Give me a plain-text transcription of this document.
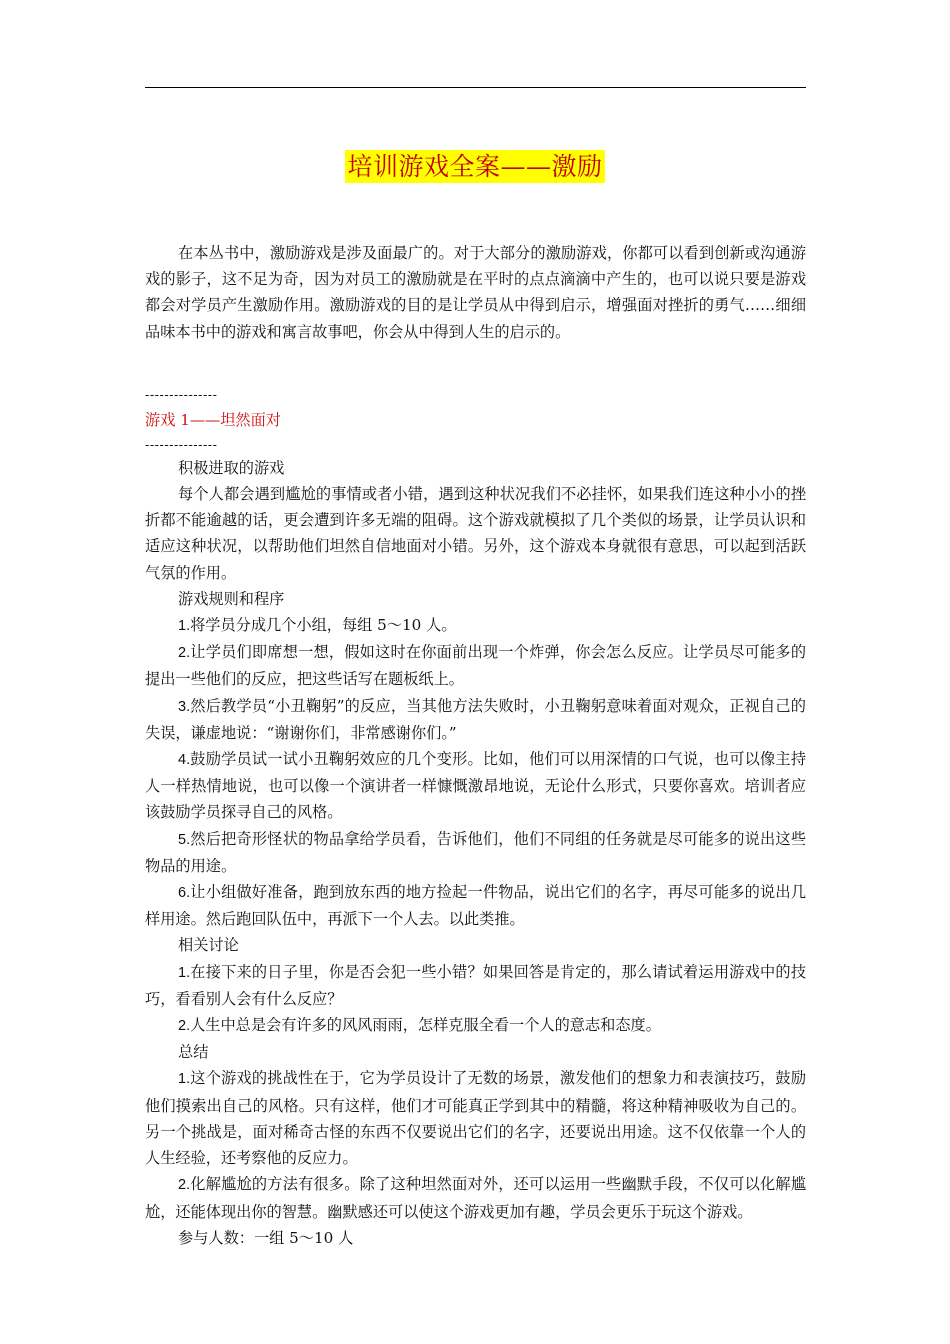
培训游戏全案——激励

在本丛书中，激励游戏是涉及面最广的。对于大部分的激励游戏，你都可以看到创新或沟通游戏的影子，这不足为奇，因为对员工的激励就是在平时的点点滴滴中产生的，也可以说只要是游戏都会对学员产生激励作用。激励游戏的目的是让学员从中得到启示，增强面对挫折的勇气……细细品味本书中的游戏和寓言故事吧，你会从中得到人生的启示的。

---------------

游戏 1——坦然面对

---------------

积极进取的游戏

每个人都会遇到尴尬的事情或者小错，遇到这种状况我们不必挂怀，如果我们连这种小小的挫折都不能逾越的话，更会遭到许多无端的阻碍。这个游戏就模拟了几个类似的场景，让学员认识和适应这种状况，以帮助他们坦然自信地面对小错。另外，这个游戏本身就很有意思，可以起到活跃气氛的作用。

游戏规则和程序

1.将学员分成几个小组，每组 5～10 人。

2.让学员们即席想一想，假如这时在你面前出现一个炸弹，你会怎么反应。让学员尽可能多的提出一些他们的反应，把这些话写在题板纸上。

3.然后教学员“小丑鞠躬”的反应，当其他方法失败时，小丑鞠躬意味着面对观众，正视自己的失误，谦虚地说：“谢谢你们，非常感谢你们。”

4.鼓励学员试一试小丑鞠躬效应的几个变形。比如，他们可以用深情的口气说，也可以像主持人一样热情地说，也可以像一个演讲者一样慷慨激昂地说，无论什么形式，只要你喜欢。培训者应该鼓励学员探寻自己的风格。

5.然后把奇形怪状的物品拿给学员看，告诉他们，他们不同组的任务就是尽可能多的说出这些物品的用途。

6.让小组做好准备，跑到放东西的地方捡起一件物品，说出它们的名字，再尽可能多的说出几样用途。然后跑回队伍中，再派下一个人去。以此类推。

相关讨论

1.在接下来的日子里，你是否会犯一些小错？如果回答是肯定的，那么请试着运用游戏中的技巧，看看别人会有什么反应？

2.人生中总是会有许多的风风雨雨，怎样克服全看一个人的意志和态度。

总结

1.这个游戏的挑战性在于，它为学员设计了无数的场景，激发他们的想象力和表演技巧，鼓励他们摸索出自己的风格。只有这样，他们才可能真正学到其中的精髓，将这种精神吸收为自己的。另一个挑战是，面对稀奇古怪的东西不仅要说出它们的名字，还要说出用途。这不仅依靠一个人的人生经验，还考察他的反应力。

2.化解尴尬的方法有很多。除了这种坦然面对外，还可以运用一些幽默手段，不仅可以化解尴尬，还能体现出你的智慧。幽默感还可以使这个游戏更加有趣，学员会更乐于玩这个游戏。

参与人数：一组 5～10 人
